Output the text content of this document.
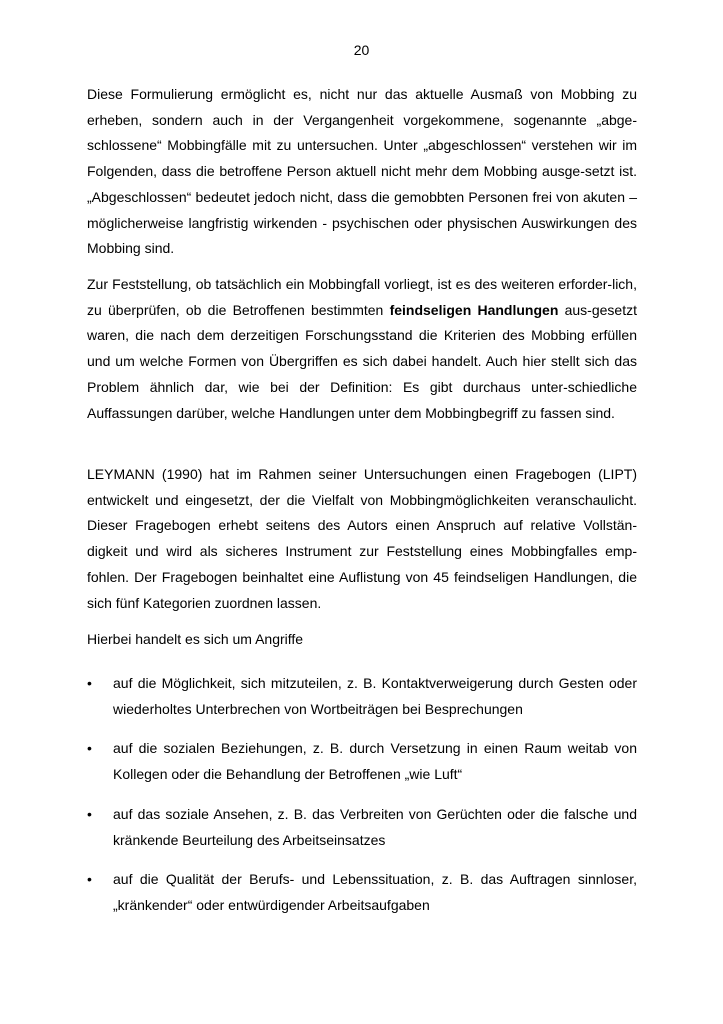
20

Diese Formulierung ermöglicht es, nicht nur das aktuelle Ausmaß von Mobbing zu erheben, sondern auch in der Vergangenheit vorgekommene, sogenannte „abge-schlossene“ Mobbingfälle mit zu untersuchen. Unter „abgeschlossen“ verstehen wir im Folgenden, dass die betroffene Person aktuell nicht mehr dem Mobbing ausge-setzt ist. „Abgeschlossen“ bedeutet jedoch nicht, dass die gemobbten Personen frei von akuten – möglicherweise langfristig wirkenden - psychischen oder physischen Auswirkungen des Mobbing sind.

Zur Feststellung, ob tatsächlich ein Mobbingfall vorliegt, ist es des weiteren erforder-lich, zu überprüfen, ob die Betroffenen bestimmten feindseligen Handlungen aus-gesetzt waren, die nach dem derzeitigen Forschungsstand die Kriterien des Mobbing erfüllen und um welche Formen von Übergriffen es sich dabei handelt. Auch hier stellt sich das Problem ähnlich dar, wie bei der Definition: Es gibt durchaus unter-schiedliche Auffassungen darüber, welche Handlungen unter dem Mobbingbegriff zu fassen sind.

LEYMANN (1990) hat im Rahmen seiner Untersuchungen einen Fragebogen (LIPT) entwickelt und eingesetzt, der die Vielfalt von Mobbingmöglichkeiten veranschaulicht. Dieser Fragebogen erhebt seitens des Autors einen Anspruch auf relative Vollstän-digkeit und wird als sicheres Instrument zur Feststellung eines Mobbingfalles emp-fohlen. Der Fragebogen beinhaltet eine Auflistung von 45 feindseligen Handlungen, die sich fünf Kategorien zuordnen lassen.

Hierbei handelt es sich um Angriffe

•	auf die Möglichkeit, sich mitzuteilen, z. B. Kontaktverweigerung durch Gesten oder wiederholtes Unterbrechen von Wortbeiträgen bei Besprechungen
•	auf die sozialen Beziehungen, z. B. durch Versetzung in einen Raum weitab von Kollegen oder die Behandlung der Betroffenen „wie Luft“
•	auf das soziale Ansehen, z. B. das Verbreiten von Gerüchten oder die falsche und kränkende Beurteilung des Arbeitseinsatzes
•	auf die Qualität der Berufs- und Lebenssituation, z. B. das Auftragen sinnloser, „kränkender“ oder entwürdigender Arbeitsaufgaben
